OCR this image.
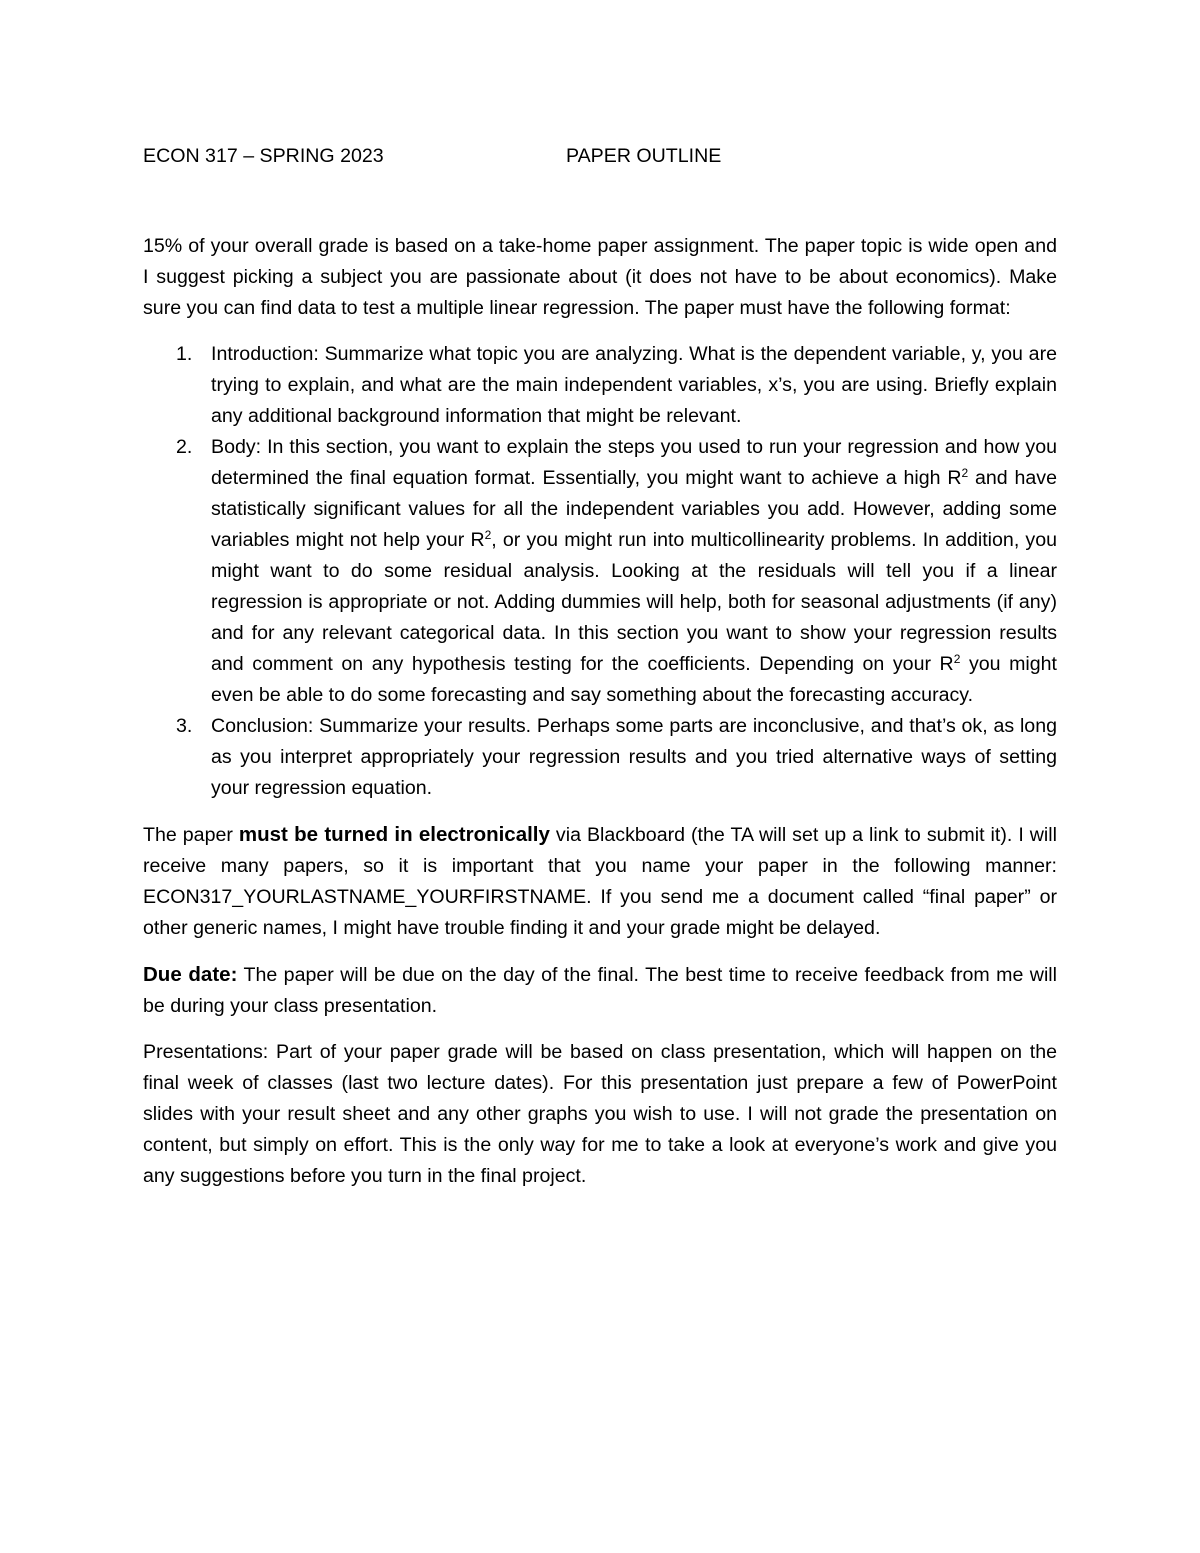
ECON 317 – SPRING 2023	PAPER OUTLINE

15% of your overall grade is based on a take-home paper assignment. The paper topic is wide open and I suggest picking a subject you are passionate about (it does not have to be about economics). Make sure you can find data to test a multiple linear regression. The paper must have the following format:

1. Introduction: Summarize what topic you are analyzing. What is the dependent variable, y, you are trying to explain, and what are the main independent variables, x’s, you are using. Briefly explain any additional background information that might be relevant.
2. Body: In this section, you want to explain the steps you used to run your regression and how you determined the final equation format. Essentially, you might want to achieve a high $R^2$ and have statistically significant values for all the independent variables you add. However, adding some variables might not help your $R^2$, or you might run into multicollinearity problems. In addition, you might want to do some residual analysis. Looking at the residuals will tell you if a linear regression is appropriate or not. Adding dummies will help, both for seasonal adjustments (if any) and for any relevant categorical data. In this section you want to show your regression results and comment on any hypothesis testing for the coefficients. Depending on your $R^2$ you might even be able to do some forecasting and say something about the forecasting accuracy.
3. Conclusion: Summarize your results. Perhaps some parts are inconclusive, and that’s ok, as long as you interpret appropriately your regression results and you tried alternative ways of setting your regression equation.

The paper must be turned in electronically via Blackboard (the TA will set up a link to submit it). I will receive many papers, so it is important that you name your paper in the following manner: ECON317_YOURLASTNAME_YOURFIRSTNAME. If you send me a document called “final paper” or other generic names, I might have trouble finding it and your grade might be delayed.

Due date: The paper will be due on the day of the final. The best time to receive feedback from me will be during your class presentation.

Presentations: Part of your paper grade will be based on class presentation, which will happen on the final week of classes (last two lecture dates). For this presentation just prepare a few of PowerPoint slides with your result sheet and any other graphs you wish to use. I will not grade the presentation on content, but simply on effort. This is the only way for me to take a look at everyone’s work and give you any suggestions before you turn in the final project.
